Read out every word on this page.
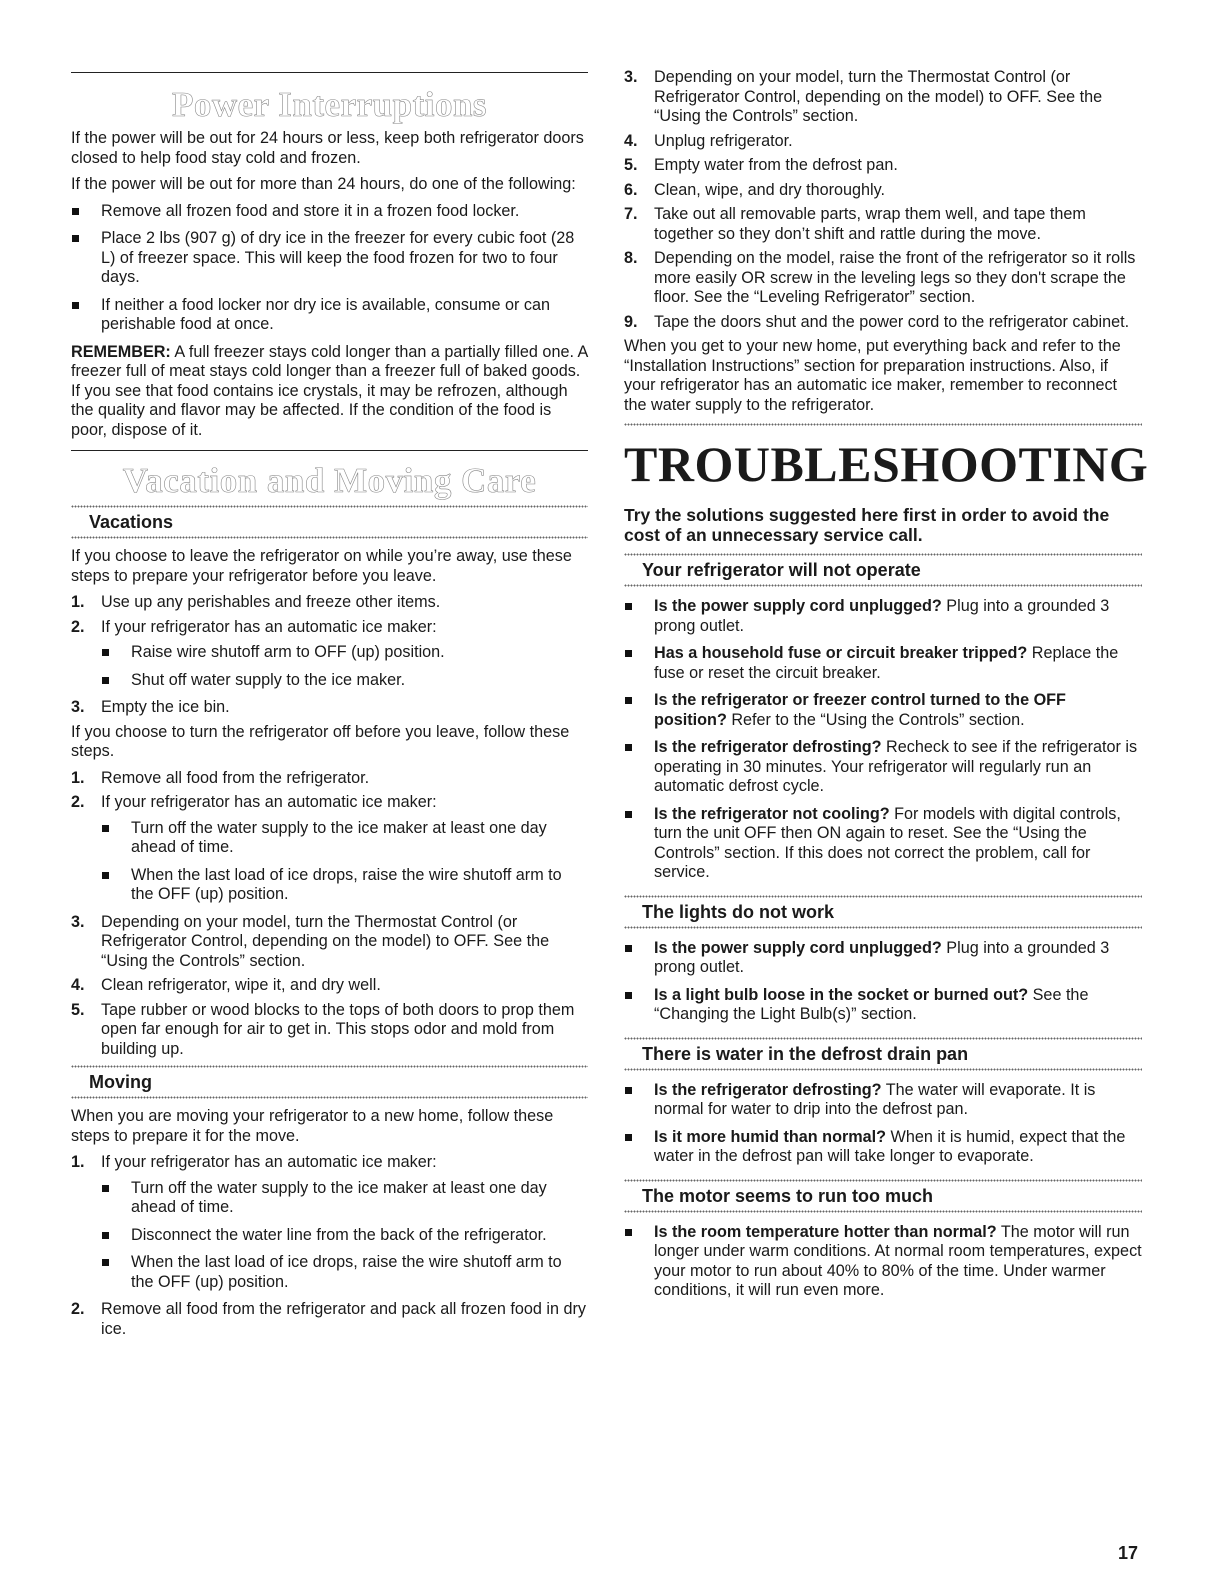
Power Interruptions

If the power will be out for 24 hours or less, keep both refrigerator doors closed to help food stay cold and frozen.

If the power will be out for more than 24 hours, do one of the following:

Remove all frozen food and store it in a frozen food locker.
Place 2 lbs (907 g) of dry ice in the freezer for every cubic foot (28 L) of freezer space. This will keep the food frozen for two to four days.
If neither a food locker nor dry ice is available, consume or can perishable food at once.

REMEMBER: A full freezer stays cold longer than a partially filled one. A freezer full of meat stays cold longer than a freezer full of baked goods. If you see that food contains ice crystals, it may be refrozen, although the quality and flavor may be affected. If the condition of the food is poor, dispose of it.

Vacation and Moving Care
Vacations

If you choose to leave the refrigerator on while you’re away, use these steps to prepare your refrigerator before you leave.

1. Use up any perishables and freeze other items.
2. If your refrigerator has an automatic ice maker:
Raise wire shutoff arm to OFF (up) position.
Shut off water supply to the ice maker.
3. Empty the ice bin.

If you choose to turn the refrigerator off before you leave, follow these steps.

1. Remove all food from the refrigerator.
2. If your refrigerator has an automatic ice maker:
Turn off the water supply to the ice maker at least one day ahead of time.
When the last load of ice drops, raise the wire shutoff arm to the OFF (up) position.
3. Depending on your model, turn the Thermostat Control (or Refrigerator Control, depending on the model) to OFF. See the “Using the Controls” section.
4. Clean refrigerator, wipe it, and dry well.
5. Tape rubber or wood blocks to the tops of both doors to prop them open far enough for air to get in. This stops odor and mold from building up.
Moving

When you are moving your refrigerator to a new home, follow these steps to prepare it for the move.

1. If your refrigerator has an automatic ice maker:
Turn off the water supply to the ice maker at least one day ahead of time.
Disconnect the water line from the back of the refrigerator.
When the last load of ice drops, raise the wire shutoff arm to the OFF (up) position.
2. Remove all food from the refrigerator and pack all frozen food in dry ice.
3. Depending on your model, turn the Thermostat Control (or Refrigerator Control, depending on the model) to OFF. See the “Using the Controls” section.
4. Unplug refrigerator.
5. Empty water from the defrost pan.
6. Clean, wipe, and dry thoroughly.
7. Take out all removable parts, wrap them well, and tape them together so they don’t shift and rattle during the move.
8. Depending on the model, raise the front of the refrigerator so it rolls more easily OR screw in the leveling legs so they don't scrape the floor. See the “Leveling Refrigerator” section.
9. Tape the doors shut and the power cord to the refrigerator cabinet.

When you get to your new home, put everything back and refer to the “Installation Instructions” section for preparation instructions. Also, if your refrigerator has an automatic ice maker, remember to reconnect the water supply to the refrigerator.

TROUBLESHOOTING
Try the solutions suggested here first in order to avoid the cost of an unnecessary service call.
Your refrigerator will not operate
Is the power supply cord unplugged? Plug into a grounded 3 prong outlet.
Has a household fuse or circuit breaker tripped? Replace the fuse or reset the circuit breaker.
Is the refrigerator or freezer control turned to the OFF position? Refer to the “Using the Controls” section.
Is the refrigerator defrosting? Recheck to see if the refrigerator is operating in 30 minutes. Your refrigerator will regularly run an automatic defrost cycle.
Is the refrigerator not cooling? For models with digital controls, turn the unit OFF then ON again to reset. See the “Using the Controls” section. If this does not correct the problem, call for service.
The lights do not work
Is the power supply cord unplugged? Plug into a grounded 3 prong outlet.
Is a light bulb loose in the socket or burned out? See the “Changing the Light Bulb(s)” section.
There is water in the defrost drain pan
Is the refrigerator defrosting? The water will evaporate. It is normal for water to drip into the defrost pan.
Is it more humid than normal? When it is humid, expect that the water in the defrost pan will take longer to evaporate.
The motor seems to run too much
Is the room temperature hotter than normal? The motor will run longer under warm conditions. At normal room temperatures, expect your motor to run about 40% to 80% of the time. Under warmer conditions, it will run even more.
17
